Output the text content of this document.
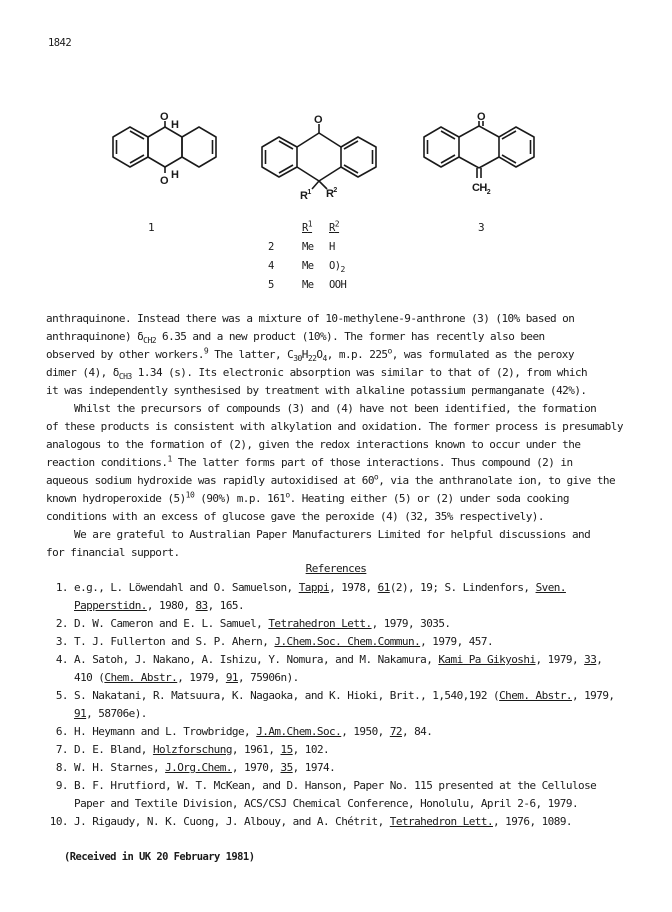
1842
O
O
H
H
O
$R^1$ $R^2$
O
$CH_2$
1	3
$R^1$ $R^2$
2	Me H
4	Me $O)_2$
5	Me OOH
anthraquinone. Instead there was a mixture of 10-methylene-9-anthrone (3) (10% based on
anthraquinone) $\delta_{CH2}$ 6.35 and a new product (10%). The former has recently also been
observed by other workers.$^9$ The latter, $C_{30}H_{22}O_4$, m.p. 225$^o$, was formulated as the peroxy
dimer (4), $\delta_{CH3}$ 1.34 (s). Its electronic absorption was similar to that of (2), from which
it was independently synthesised by treatment with alkaline potassium permanganate (42%).
Whilst the precursors of compounds (3) and (4) have not been identified, the formation
of these products is consistent with alkylation and oxidation. The former process is presumably
analogous to the formation of (2), given the redox interactions known to occur under the
reaction conditions.$^1$ The latter forms part of those interactions. Thus compound (2) in
aqueous sodium hydroxide was rapidly autoxidised at 60$^o$, via the anthranolate ion, to give the
known hydroperoxide $(5)^{10}$ (90%) m.p. 161$^o$. Heating either (5) or (2) under soda cooking
conditions with an excess of glucose gave the peroxide (4) (32, 35% respectively).
We are grateful to Australian Paper Manufacturers Limited for helpful discussions and
for financial support.
References
1. e.g., L. Löwendahl and O. Samuelson, Tappi, 1978, 61(2), 19; S. Lindenfors, Sven.
Papperstidn., 1980, 83, 165.
2. D. W. Cameron and E. L. Samuel, Tetrahedron Lett., 1979, 3035.
3. T. J. Fullerton and S. P. Ahern, J.Chem.Soc. Chem.Commun., 1979, 457.
4. A. Satoh, J. Nakano, A. Ishizu, Y. Nomura, and M. Nakamura, Kami Pa Gikyoshi, 1979, 33,
410 (Chem. Abstr., 1979, 91, 75906n).
5. S. Nakatani, R. Matsuura, K. Nagaoka, and K. Hioki, Brit., 1,540,192 (Chem. Abstr., 1979,
91, 58706e).
6. H. Heymann and L. Trowbridge, J.Am.Chem.Soc., 1950, 72, 84.
7. D. E. Bland, Holzforschung, 1961, 15, 102.
8. W. H. Starnes, J.Org.Chem., 1970, 35, 1974.
9. B. F. Hrutfiord, W. T. McKean, and D. Hanson, Paper No. 115 presented at the Cellulose
Paper and Textile Division, ACS/CSJ Chemical Conference, Honolulu, April 2-6, 1979.
10. J. Rigaudy, N. K. Cuong, J. Albouy, and A. Chétrit, Tetrahedron Lett., 1976, 1089.
(Received in UK 20 February 1981)
